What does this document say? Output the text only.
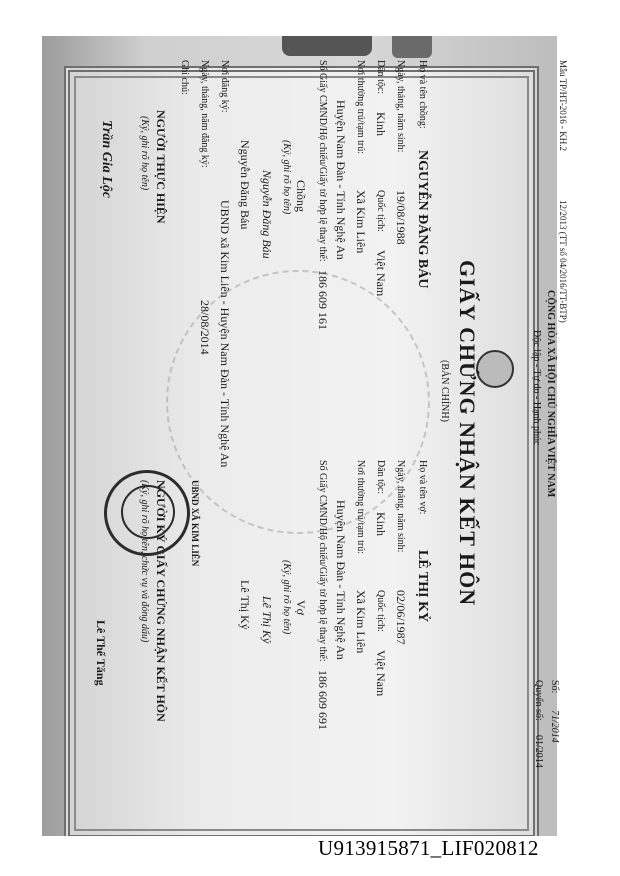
Mẫu TP/HT-2016 - KH.2
12/2013 (TT số 04/2016/TT-BTP)
CỘNG HÒA XÃ HỘI CHỦ NGHĨA VIỆT NAM
Độc lập - Tự do - Hạnh phúc
Số:
71/2014
Quyển số:
01/2014
GIẤY CHỨNG NHẬN KẾT HÔN
(BẢN CHÍNH)
Họ và tên chồng:
NGUYỄN ĐĂNG BÁU
Ngày, tháng, năm sinh:
19/08/1988
Dân tộc:
Kinh
Quốc tịch:
Việt Nam
Nơi thường trú/tạm trú:
Xã Kim Liên
Huyện Nam Đàn - Tỉnh Nghệ An
Số Giấy CMND/Hộ chiếu/Giấy tờ hợp lệ thay thế:
186 609 161
Chồng
(Ký, ghi rõ họ tên)
Nguyễn Đăng Báu
Nguyễn Đăng Báu
Họ và tên vợ:
LÊ THỊ KỶ
Ngày, tháng, năm sinh:
02/06/1987
Dân tộc:
Kinh
Quốc tịch:
Việt Nam
Nơi thường trú/tạm trú:
Xã Kim Liên
Huyện Nam Đàn - Tỉnh Nghệ An
Số Giấy CMND/Hộ chiếu/Giấy tờ hợp lệ thay thế:
186 609 691
Vợ
(Ký, ghi rõ họ tên)
Lê Thị Kỷ
Lê Thị Kỷ
Nơi đăng ký:
UBND xã Kim Liên - Huyện Nam Đàn - Tỉnh Nghệ An
Ngày, tháng, năm đăng ký:
28/08/2014
Ghi chú:
NGƯỜI THỰC HIỆN
(Ký, ghi rõ họ tên)
Trần Gia Lộc
NGƯỜI KÝ GIẤY CHỨNG NHẬN KẾT HÔN
(Ký, ghi rõ họ tên, chức vụ và đóng dấu)
Lê Thế Tăng
UBND XÃ KIM LIÊN
U913915871_LIF020812
